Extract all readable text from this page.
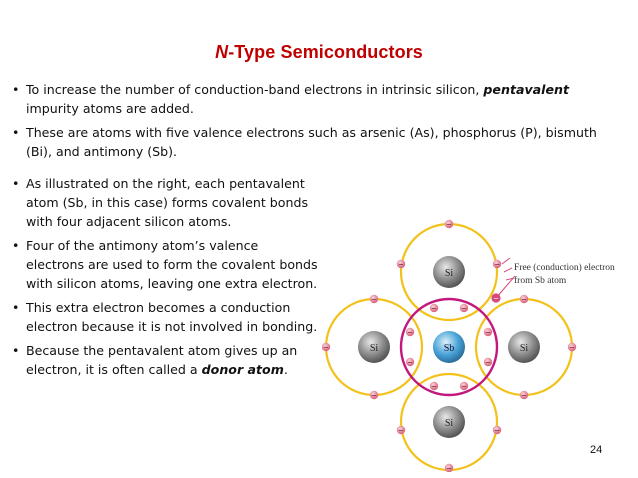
N-Type Semiconductors
• To increase the number of conduction-band electrons in intrinsic silicon, pentavalent impurity atoms are added.
• These are atoms with five valence electrons such as arsenic (As), phosphorus (P), bismuth (Bi), and antimony (Sb).
• As illustrated on the right, each pentavalent atom (Sb, in this case) forms covalent bonds with four adjacent silicon atoms.
• Four of the antimony atom’s valence electrons are used to form the covalent bonds with silicon atoms, leaving one extra electron.
• This extra electron becomes a conduction electron because it is not involved in bonding.
• Because the pentavalent atom gives up an electron, it is often called a donor atom.
Si
Si	Sb	Si
Si
−
−	−
−
−
−
−
−
−
−
−	−
−	−
−
−
−
−
−	−
−
Free (conduction) electron
from Sb atom
24
